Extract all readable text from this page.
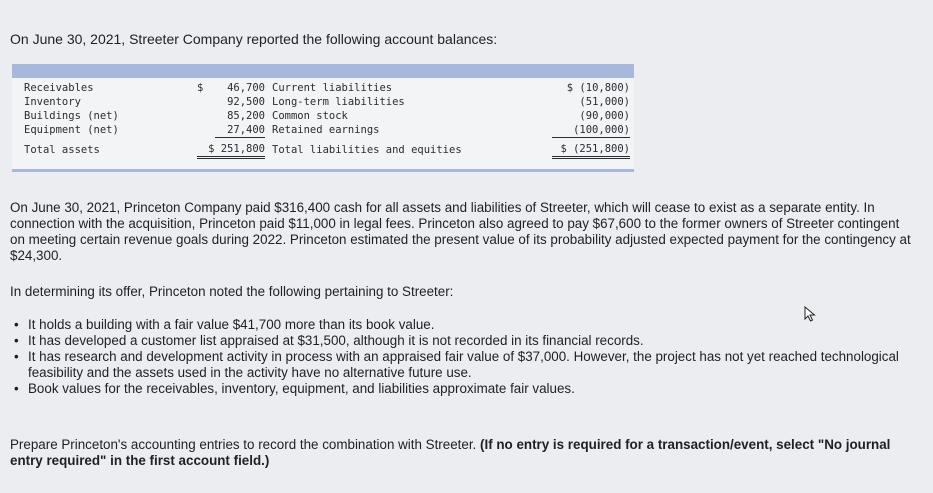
On June 30, 2021, Streeter Company reported the following account balances:
Receivables
Inventory
Buildings (net)
Equipment (net)
Total assets
$	46,700
92,500
85,200
27,400
$ 251,800
Current liabilities
Long-term liabilities
Common stock
Retained earnings
Total liabilities and equities
$ (10,800)
(51,000)
(90,000)
(100,000)
$ (251,800)
On June 30, 2021, Princeton Company paid $316,400 cash for all assets and liabilities of Streeter, which will cease to exist as a separate entity. In connection with the acquisition, Princeton paid $11,000 in legal fees. Princeton also agreed to pay $67,600 to the former owners of Streeter contingent on meeting certain revenue goals during 2022. Princeton estimated the present value of its probability adjusted expected payment for the contingency at $24,300.
In determining its offer, Princeton noted the following pertaining to Streeter:
• It holds a building with a fair value $41,700 more than its book value.
• It has developed a customer list appraised at $31,500, although it is not recorded in its financial records.
• It has research and development activity in process with an appraised fair value of $37,000. However, the project has not yet reached technological feasibility and the assets used in the activity have no alternative future use.
• Book values for the receivables, inventory, equipment, and liabilities approximate fair values.
Prepare Princeton's accounting entries to record the combination with Streeter. (If no entry is required for a transaction/event, select "No journal entry required" in the first account field.)
